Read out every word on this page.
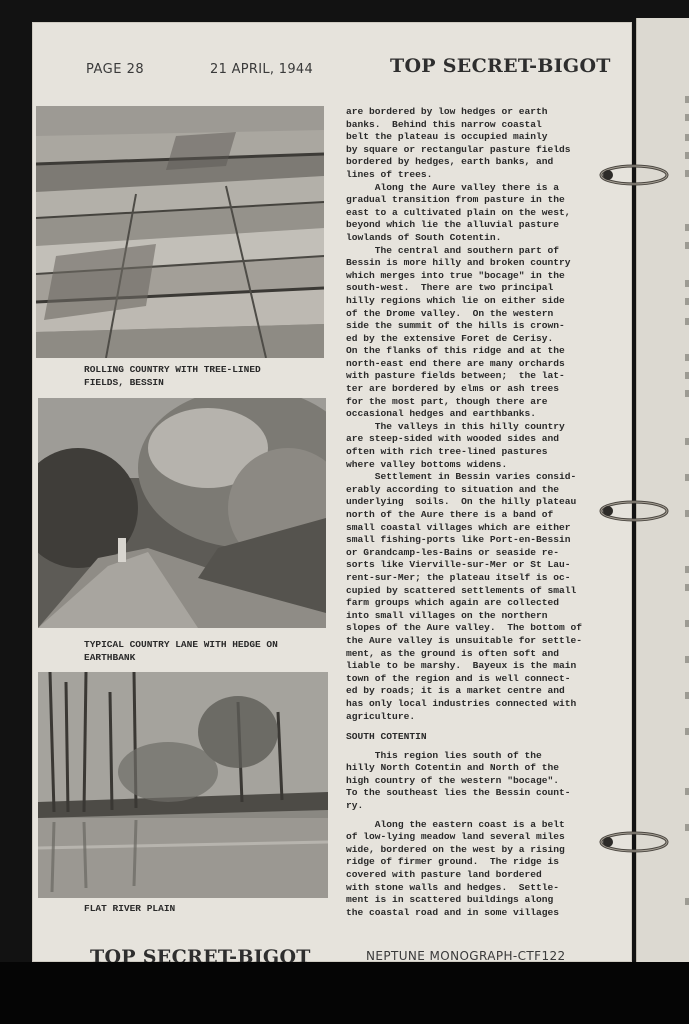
PAGE 28	21 APRIL, 1944	TOP SECRET-BIGOT
ROLLING COUNTRY WITH TREE-LINED
FIELDS, BESSIN
TYPICAL COUNTRY LANE WITH HEDGE ON
EARTHBANK
FLAT RIVER PLAIN

are bordered by low hedges or earth
banks.  Behind this narrow coastal
belt the plateau is occupied mainly
by square or rectangular pasture fields
bordered by hedges, earth banks, and
lines of trees.

Along the Aure valley there is a
gradual transition from pasture in the
east to a cultivated plain on the west,
beyond which lie the alluvial pasture
lowlands of South Cotentin.

The central and southern part of
Bessin is more hilly and broken country
which merges into true "bocage" in the
south-west.  There are two principal
hilly regions which lie on either side
of the Drome valley.  On the western
side the summit of the hills is crown-
ed by the extensive Foret de Cerisy.
On the flanks of this ridge and at the
north-east end there are many orchards
with pasture fields between;  the lat-
ter are bordered by elms or ash trees
for the most part, though there are
occasional hedges and earthbanks.

The valleys in this hilly country
are steep-sided with wooded sides and
often with rich tree-lined pastures
where valley bottoms widens.

Settlement in Bessin varies consid-
erably according to situation and the
underlying  soils.  On the hilly plateau
north of the Aure there is a band of
small coastal villages which are either
small fishing-ports like Port-en-Bessin
or Grandcamp-les-Bains or seaside re-
sorts like Vierville-sur-Mer or St Lau-
rent-sur-Mer; the plateau itself is oc-
cupied by scattered settlements of small
farm groups which again are collected
into small villages on the northern
slopes of the Aure valley.  The bottom of
the Aure valley is unsuitable for settle-
ment, as the ground is often soft and
liable to be marshy.  Bayeux is the main
town of the region and is well connect-
ed by roads; it is a market centre and
has only local industries connected with
agriculture.

SOUTH COTENTIN

This region lies south of the
hilly North Cotentin and North of the
high country of the western "bocage".
To the southeast lies the Bessin count-
ry.

Along the eastern coast is a belt
of low-lying meadow land several miles
wide, bordered on the west by a rising
ridge of firmer ground.  The ridge is
covered with pasture land bordered
with stone walls and hedges.  Settle-
ment is in scattered buildings along
the coastal road and in some villages

TOP SECRET-BIGOT	NEPTUNE MONOGRAPH-CTF122
